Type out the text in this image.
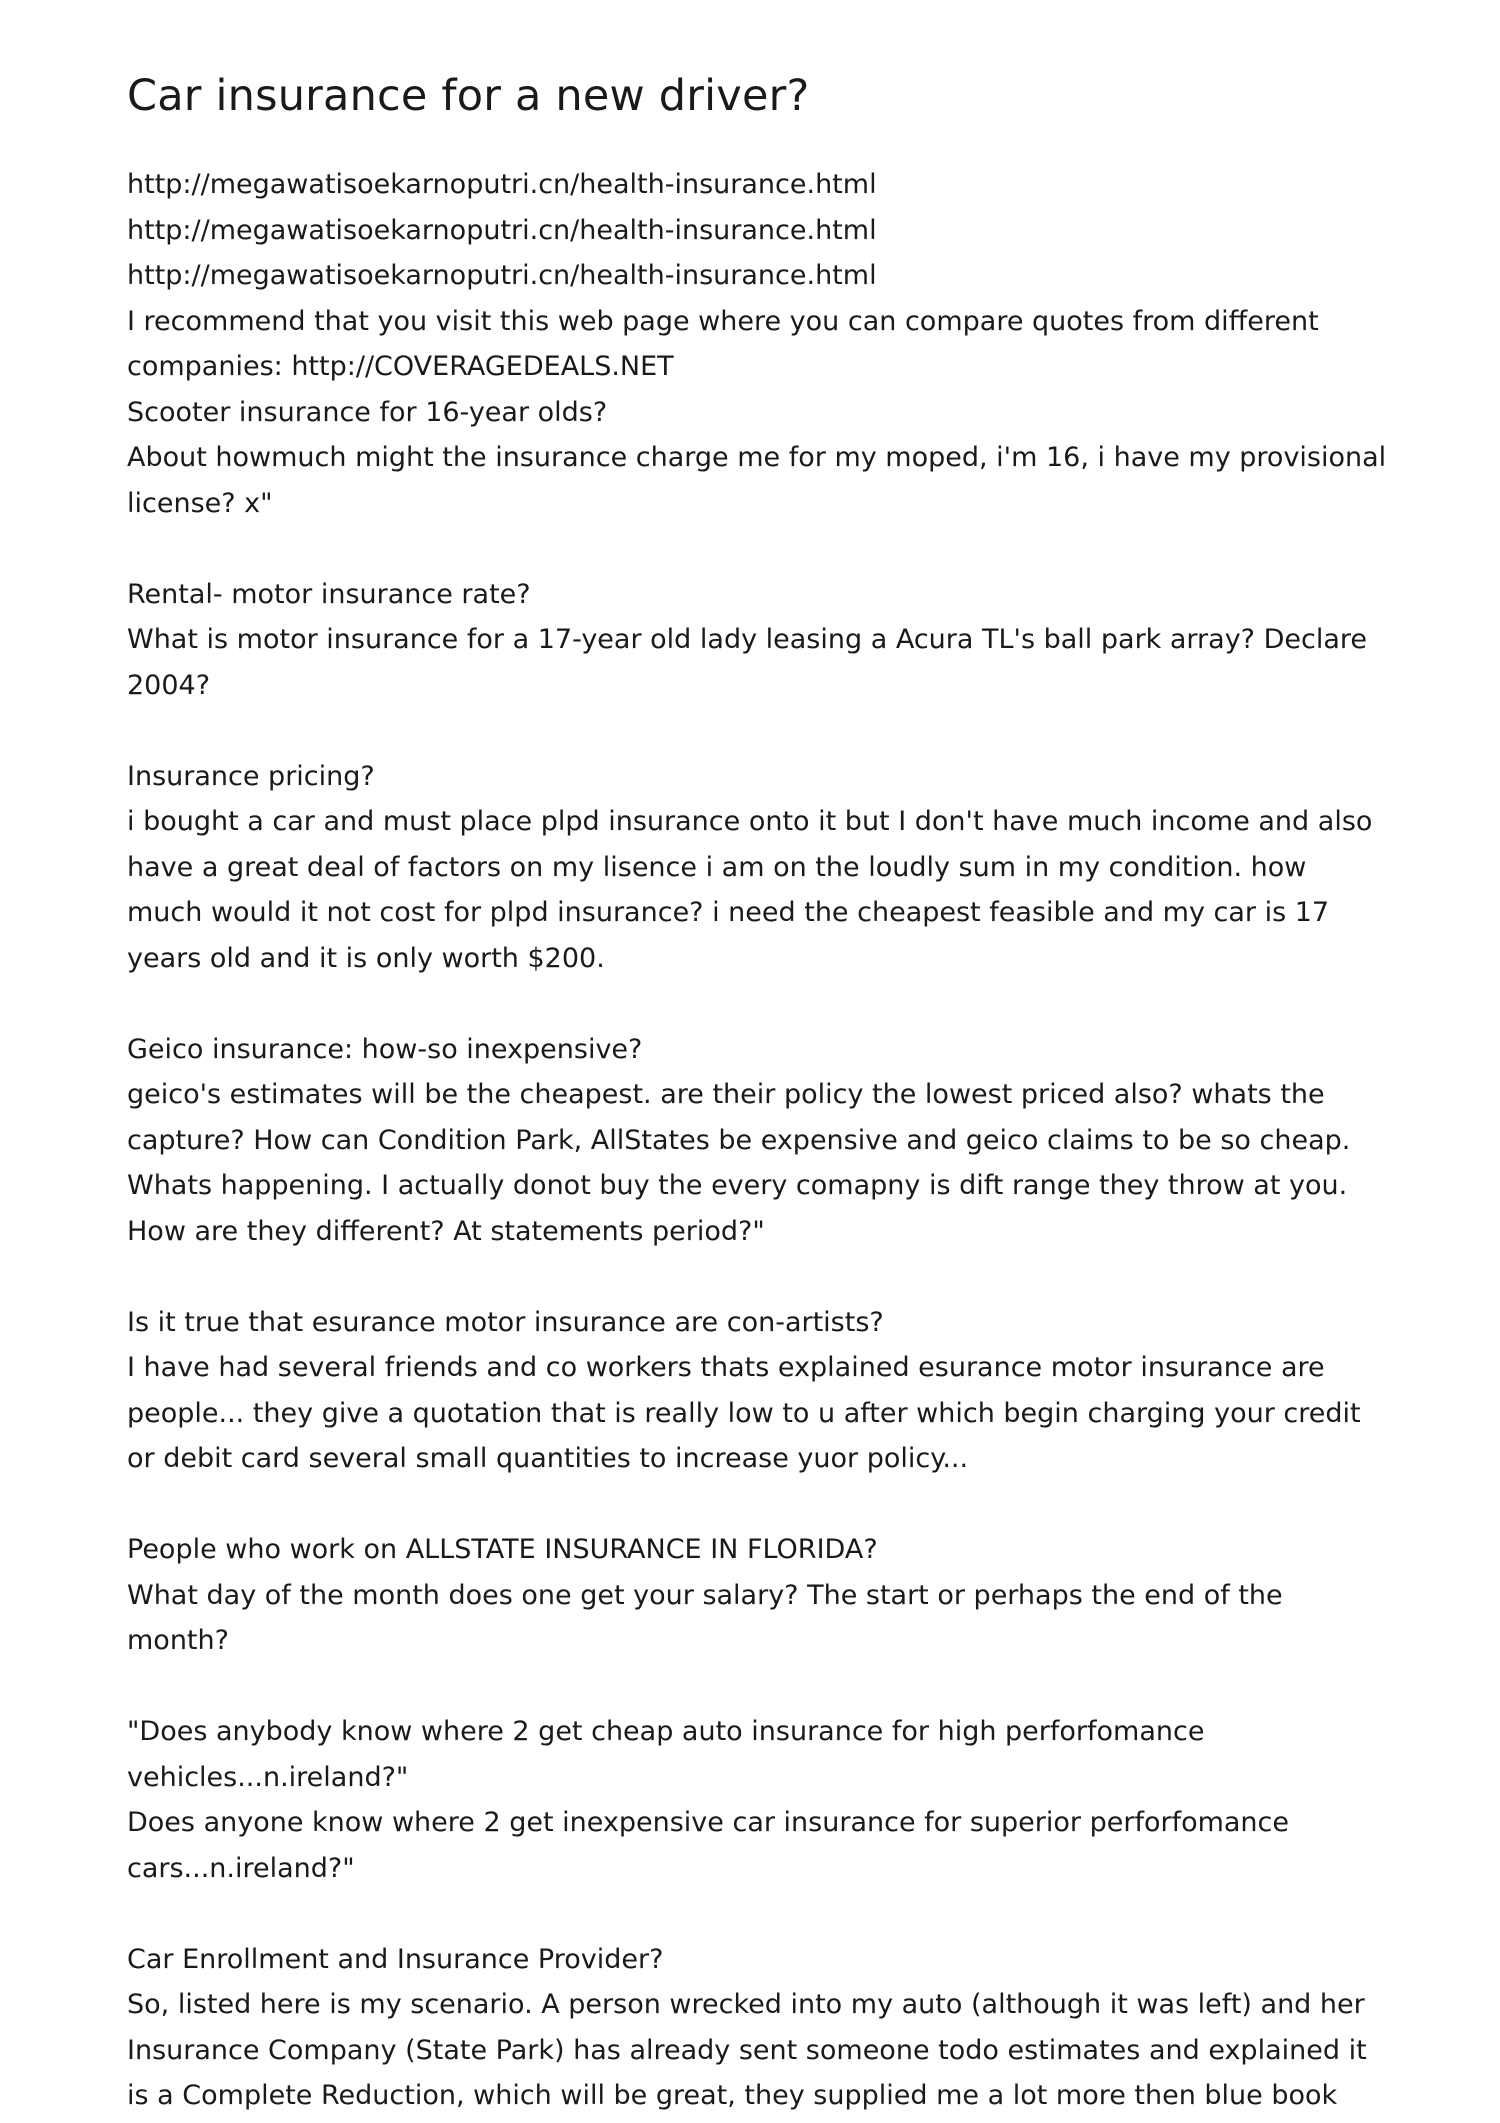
Car insurance for a new driver?

http://megawatisoekarnoputri.cn/health-insurance.html

http://megawatisoekarnoputri.cn/health-insurance.html

http://megawatisoekarnoputri.cn/health-insurance.html

I recommend that you visit this web page where you can compare quotes from different companies: http://COVERAGEDEALS.NET

Scooter insurance for 16-year olds?

About howmuch might the insurance charge me for my moped, i'm 16, i have my provisional license? x"

Rental- motor insurance rate?

What is motor insurance for a 17-year old lady leasing a Acura TL's ball park array? Declare 2004?

Insurance pricing?

i bought a car and must place plpd insurance onto it but I don't have much income and also have a great deal of factors on my lisence i am on the loudly sum in my condition. how much would it not cost for plpd insurance? i need the cheapest feasible and my car is 17 years old and it is only worth $200.

Geico insurance: how-so inexpensive?

geico's estimates will be the cheapest. are their policy the lowest priced also? whats the capture? How can Condition Park, AllStates be expensive and geico claims to be so cheap. Whats happening. I actually donot buy the every comapny is dift range they throw at you. How are they different? At statements period?"

Is it true that esurance motor insurance are con-artists?

I have had several friends and co workers thats explained esurance motor insurance are people... they give a quotation that is really low to u after which begin charging your credit or debit card several small quantities to increase yuor policy...

People who work on ALLSTATE INSURANCE IN FLORIDA?

What day of the month does one get your salary? The start or perhaps the end of the month?

"Does anybody know where 2 get cheap auto insurance for high perforfomance vehicles...n.ireland?"

Does anyone know where 2 get inexpensive car insurance for superior perforfomance cars...n.ireland?"

Car Enrollment and Insurance Provider?

So, listed here is my scenario. A person wrecked into my auto (although it was left) and her Insurance Company (State Park) has already sent someone todo estimates and explained it is a Complete Reduction, which will be great, they supplied me a lot more then blue book
